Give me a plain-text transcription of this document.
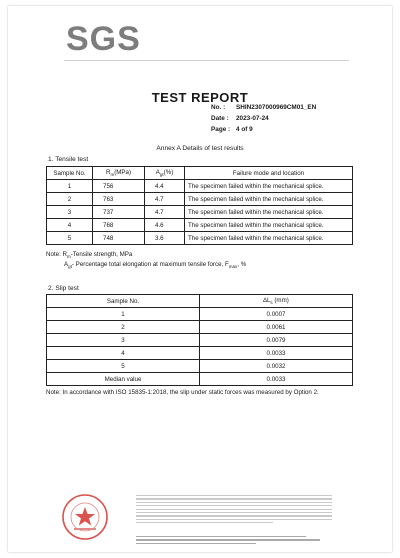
SGS
TEST REPORT
No. : SHIN2307000969CM01_EN
Date : 2023-07-24
Page : 4 of 9
Annex A Details of test results
1. Tensile test
Sample No.	$R_m(MPa)$	$A_{gt}(\%)$	Failure mode and location
1	756	4.4	The specimen failed within the mechanical splice.
2	763	4.7	The specimen failed within the mechanical splice.
3	737	4.7	The specimen failed within the mechanical splice.
4	768	4.6	The specimen failed within the mechanical splice.
5	748	3.6	The specimen failed within the mechanical splice.
Note: $R_m$-Tensile strength, MPa
$A_{gt}-$ Percentage total elongation at maximum tensile force, $F_{max}$, %
2. Slip test
Sample No.	$\Delta L_s$ (mm)
1	0.0007
2	0.0061
3	0.0079
4	0.0033
5	0.0032
Median value	0.0033
Note: In accordance with ISO 15835-1:2018, the slip under static forces was measured by Option 2.
